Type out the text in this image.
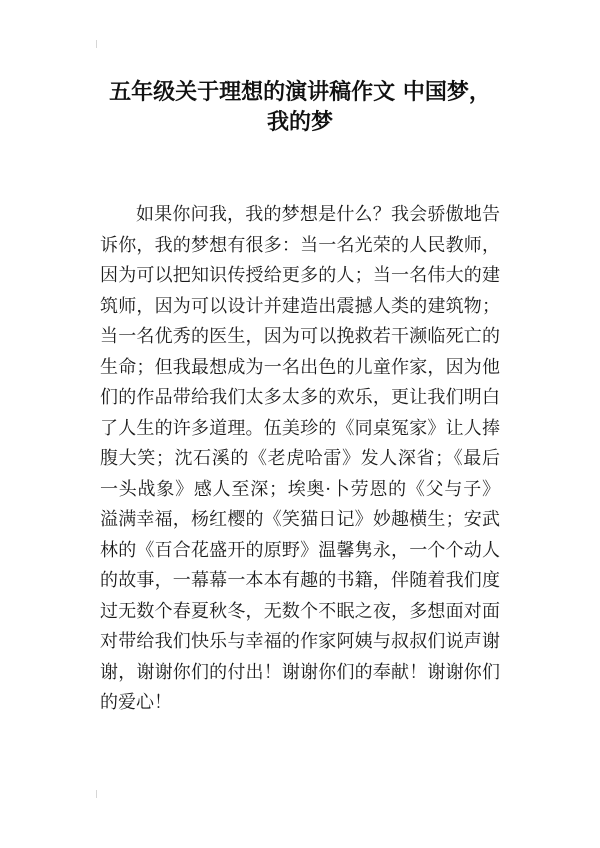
五年级关于理想的演讲稿作文 中国梦，
我的梦

如果你问我，我的梦想是什么？我会骄傲地告诉你，我的梦想有很多：当一名光荣的人民教师，因为可以把知识传授给更多的人；当一名伟大的建筑师，因为可以设计并建造出震撼人类的建筑物；当一名优秀的医生，因为可以挽救若干濒临死亡的生命；但我最想成为一名出色的儿童作家，因为他们的作品带给我们太多太多的欢乐，更让我们明白了人生的许多道理。伍美珍的《同桌冤家》让人捧腹大笑；沈石溪的《老虎哈雷》发人深省；《最后一头战象》感人至深；埃奥·卜劳恩的《父与子》溢满幸福，杨红樱的《笑猫日记》妙趣横生；安武林的《百合花盛开的原野》温馨隽永，一个个动人的故事，一幕幕一本本有趣的书籍，伴随着我们度过无数个春夏秋冬，无数个不眠之夜，多想面对面对带给我们快乐与幸福的作家阿姨与叔叔们说声谢谢，谢谢你们的付出！谢谢你们的奉献！谢谢你们的爱心！
